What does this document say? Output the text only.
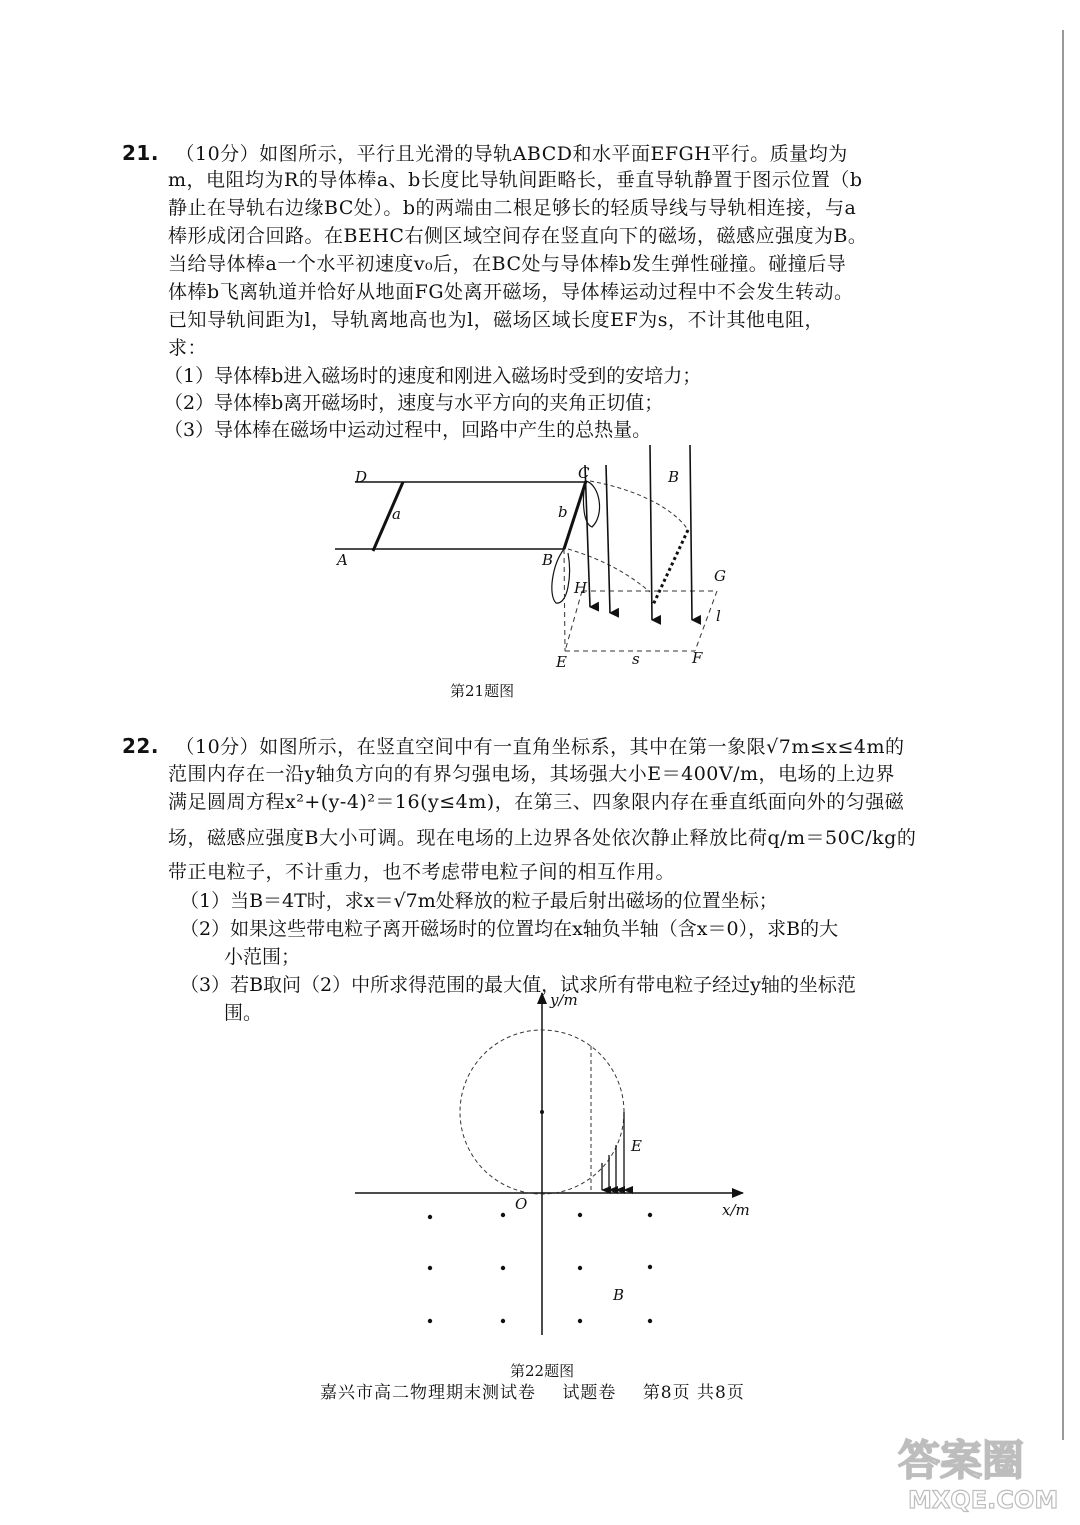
21. （10分）如图所示，平行且光滑的导轨ABCD和水平面EFGH平行。质量均为
m，电阻均为R的导体棒a、b长度比导轨间距略长，垂直导轨静置于图示位置（b
静止在导轨右边缘BC处）。b的两端由二根足够长的轻质导线与导轨相连接，与a
棒形成闭合回路。在BEHC右侧区域空间存在竖直向下的磁场，磁感应强度为B。
当给导体棒a一个水平初速度v₀后，在BC处与导体棒b发生弹性碰撞。碰撞后导
体棒b飞离轨道并恰好从地面FG处离开磁场，导体棒运动过程中不会发生转动。
已知导轨间距为l，导轨离地高也为l，磁场区域长度EF为s，不计其他电阻，
求：
（1）导体棒b进入磁场时的速度和刚进入磁场时受到的安培力；
（2）导体棒b离开磁场时，速度与水平方向的夹角正切值；
（3）导体棒在磁场中运动过程中，回路中产生的总热量。
D	C
A	B
a	b
H
G
E	F
s
l
B
第21题图
22. （10分）如图所示，在竖直空间中有一直角坐标系，其中在第一象限√7m≤x≤4m的
范围内存在一沿y轴负方向的有界匀强电场，其场强大小E＝400V/m，电场的上边界
满足圆周方程x²+(y-4)²＝16(y≤4m)，在第三、四象限内存在垂直纸面向外的匀强磁
场，磁感应强度B大小可调。现在电场的上边界各处依次静止释放比荷q/m＝50C/kg的
带正电粒子，不计重力，也不考虑带电粒子间的相互作用。
（1）当B＝4T时，求x＝√7m处释放的粒子最后射出磁场的位置坐标；
（2）如果这些带电粒子离开磁场时的位置均在x轴负半轴（含x＝0），求B的大
小范围；
（3）若B取问（2）中所求得范围的最大值，试求所有带电粒子经过y轴的坐标范
围。
y/m
x/m
O
E
B
第22题图
嘉兴市高二物理期末测试卷 试题卷 第8页 共8页
答案圈
MXQE.COM
